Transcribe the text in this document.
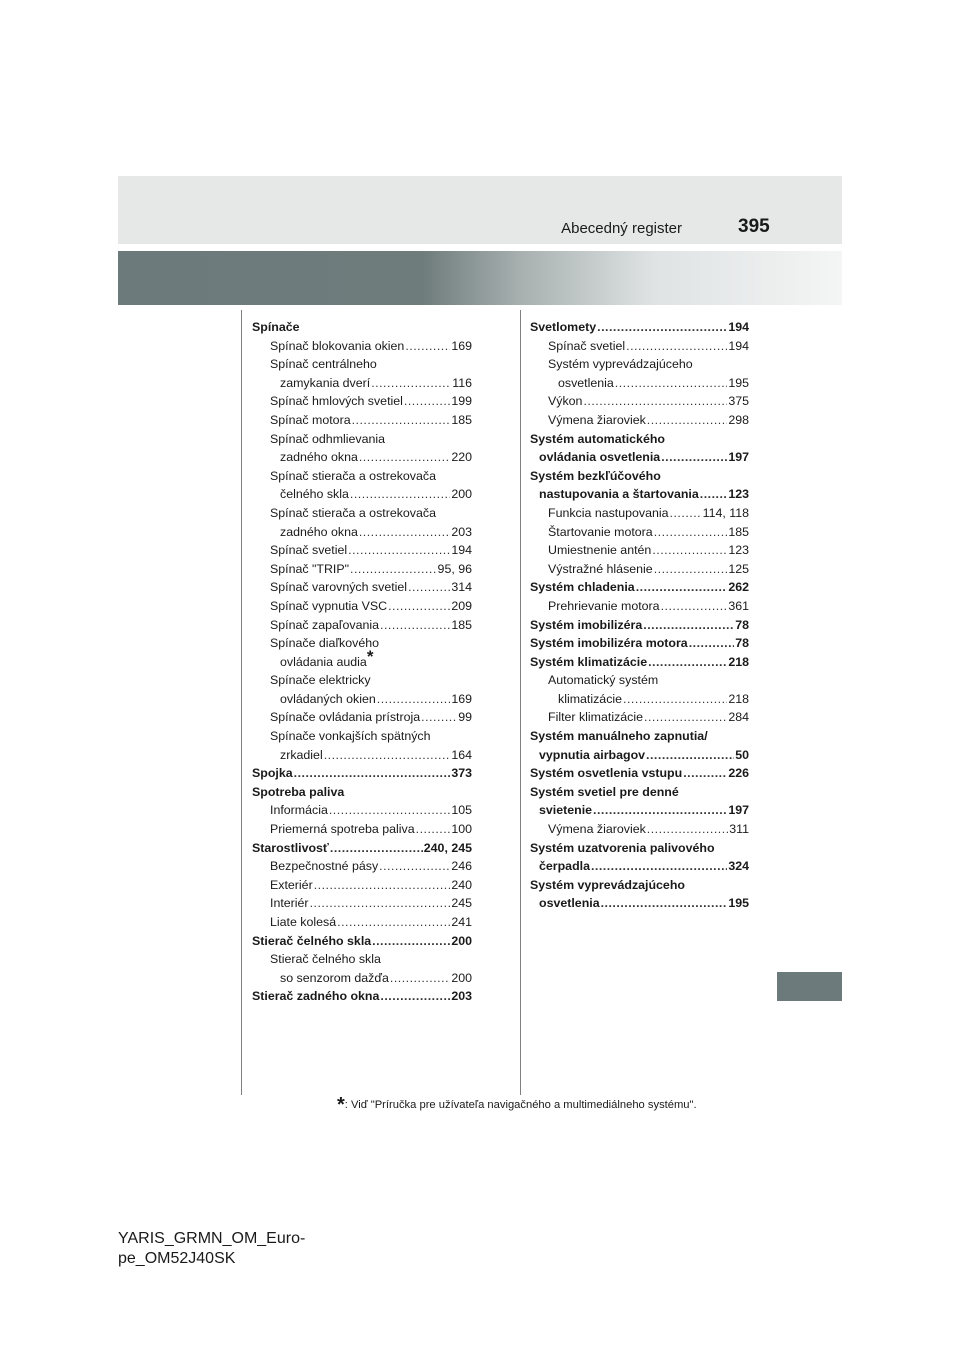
Abecedný register	395
Spínače
Spínač blokovania okien .....	169
Spínač centrálneho
zamykania dverí .....	116
Spínač hmlových svetiel .....	199
Spínač motora .....	185
Spínač odhmlievania
zadného okna .....	220
Spínač stierača a ostrekovača
čelného skla .....	200
Spínač stierača a ostrekovača
zadného okna .....	203
Spínač svetiel .....	194
Spínač "TRIP" .....	95, 96
Spínač varovných svetiel .....	314
Spínač vypnutia VSC .....	209
Spínač zapaľovania .....	185
Spínače diaľkového
ovládania audia*
Spínače elektricky
ovládaných okien .....	169
Spínače ovládania prístroja .....	99
Spínače vonkajších spätných
zrkadiel .....	164
Spojka .....	373
Spotreba paliva
Informácia .....	105
Priemerná spotreba paliva .....	100
Starostlivosť .....	240, 245
Bezpečnostné pásy .....	246
Exteriér .....	240
Interiér .....	245
Liate kolesá .....	241
Stierač čelného skla .....	200
Stierač čelného skla
so senzorom dažďa .....	200
Stierač zadného okna .....	203
Svetlomety .....	194
Spínač svetiel .....	194
Systém vyprevádzajúceho
osvetlenia .....	195
Výkon .....	375
Výmena žiaroviek .....	298
Systém automatického
ovládania osvetlenia .....	197
Systém bezkľúčového
nastupovania a štartovania ..... 123
Funkcia nastupovania .....	114, 118
Štartovanie motora .....	185
Umiestnenie antén .....	123
Výstražné hlásenie .....	125
Systém chladenia .....	262
Prehrievanie motora .....	361
Systém imobilizéra .....	78
Systém imobilizéra motora .....	78
Systém klimatizácie .....	218
Automatický systém
klimatizácie .....	218
Filter klimatizácie .....	284
Systém manuálneho zapnutia/
vypnutia airbagov .....	50
Systém osvetlenia vstupu .....	226
Systém svetiel pre denné
svietenie .....	197
Výmena žiaroviek .....	311
Systém uzatvorenia palivového
čerpadla .....	324
Systém vyprevádzajúceho
osvetlenia .....	195
*: Viď "Príručka pre užívateľa navigačného a multimediálneho systému".
YARIS_GRMN_OM_Euro-
pe_OM52J40SK
